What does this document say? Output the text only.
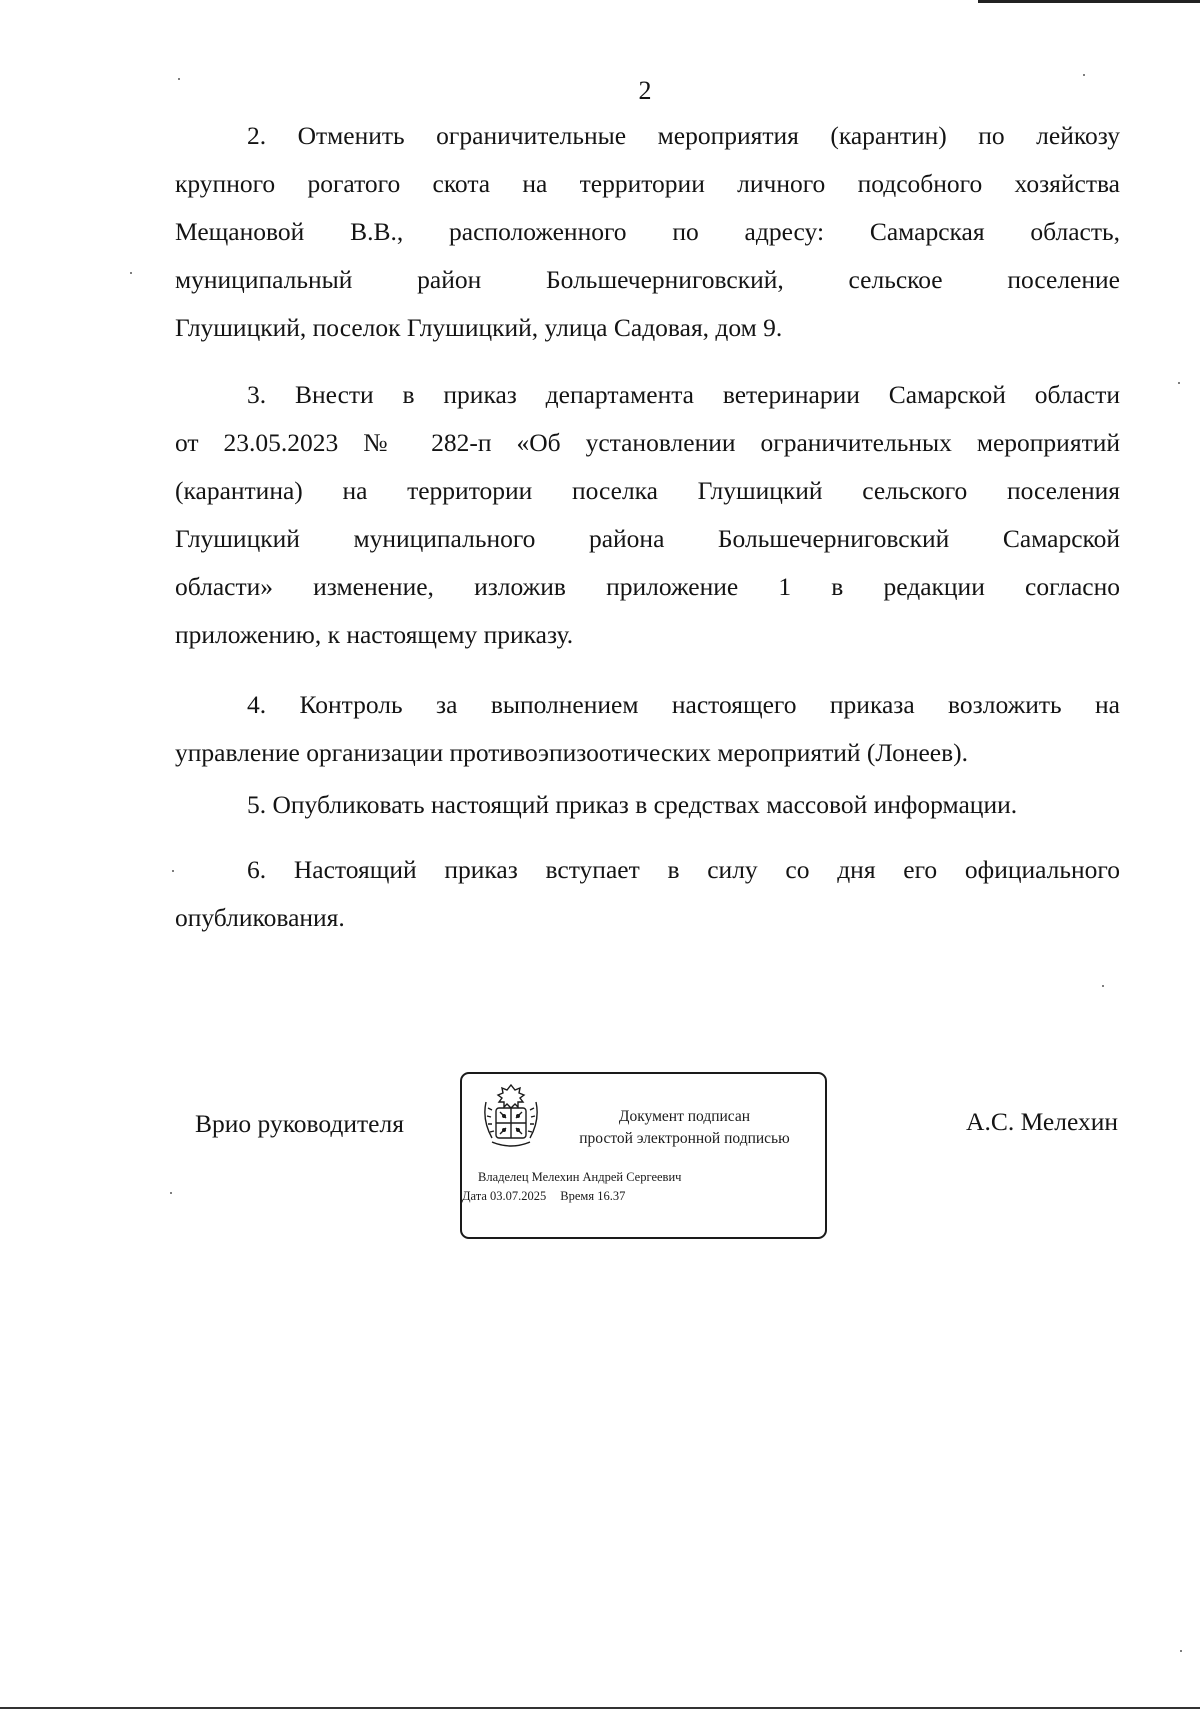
2
2. Отменить ограничительные мероприятия (карантин) по лейкозу
крупного рогатого скота на территории личного подсобного хозяйства
Мещановой В.В., расположенного по адресу: Самарская область,
муниципальный район Большечерниговский, сельское поселение
Глушицкий, поселок Глушицкий, улица Садовая, дом 9.
3. Внести в приказ департамента ветеринарии Самарской области
от 23.05.2023 № 282-п «Об установлении ограничительных мероприятий
(карантина) на территории поселка Глушицкий сельского поселения
Глушицкий муниципального района Большечерниговский Самарской
области» изменение, изложив приложение 1 в редакции согласно
приложению, к настоящему приказу.
4. Контроль за выполнением настоящего приказа возложить на
управление организации противоэпизоотических мероприятий (Лонеев).
5. Опубликовать настоящий приказ в средствах массовой информации.
6. Настоящий приказ вступает в силу со дня его официального
опубликования.
Врио руководителя	Документ подписан
простой электронной подписью
Владелец Мелехин Андрей Сергеевич
Дата 03.07.2025 Время 16.37
А.С. Мелехин
